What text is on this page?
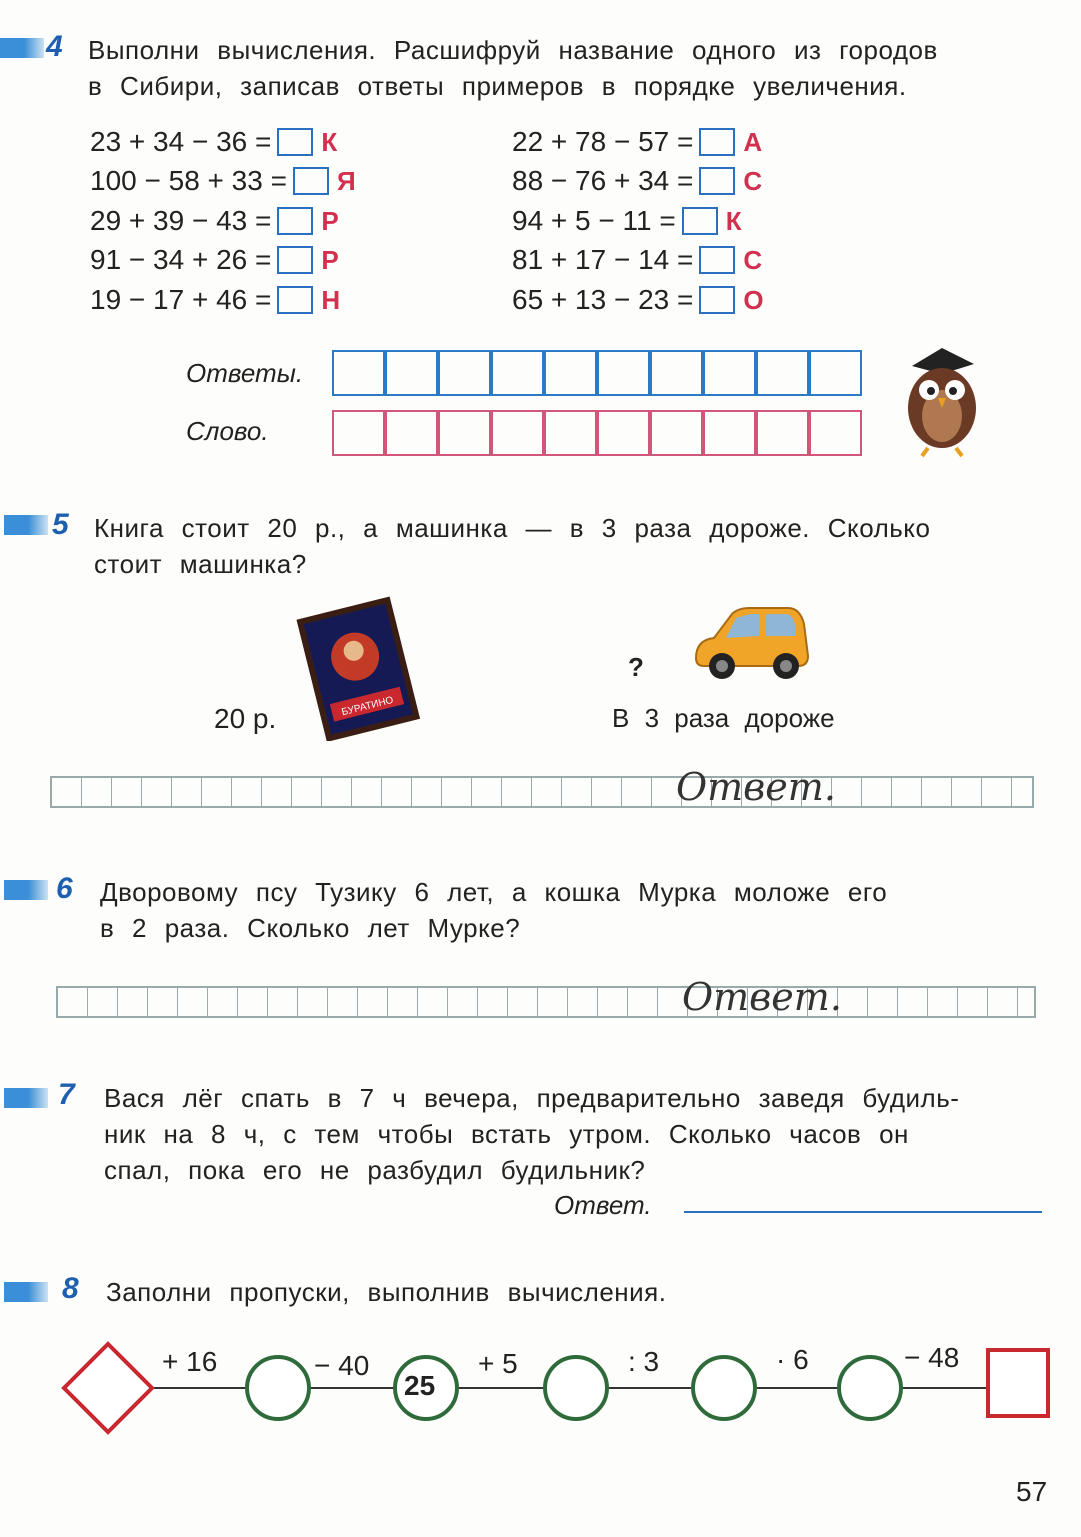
4 Выполни вычисления. Расшифруй название одного из городов
в Сибири, записав ответы примеров в порядке увеличения.
23 + 34 − 36 = К
100 − 58 + 33 = Я
29 + 39 − 43 = Р
91 − 34 + 26 = Р
19 − 17 + 46 = Н
22 + 78 − 57 = А
88 − 76 + 34 = С
94 + 5 − 11 = К
81 + 17 − 14 = С
65 + 13 − 23 = О
Ответы.
Слово.
5 Книга стоит 20 р., а машинка — в 3 раза дороже. Сколько
стоит машинка?
БУРАТИНО
20 р.
?
В 3 раза дороже
Ответ.
6 Дворовому псу Тузику 6 лет, а кошка Мурка моложе его
в 2 раза. Сколько лет Мурке?
Ответ.
7 Вася лёг спать в 7 ч вечера, предварительно заведя будиль-
ник на 8 ч, с тем чтобы встать утром. Сколько часов он
спал, пока его не разбудил будильник?
Ответ.
8 Заполни пропуски, выполнив вычисления.
25
+ 16	− 40	+ 5	: 3	· 6	− 48
57
